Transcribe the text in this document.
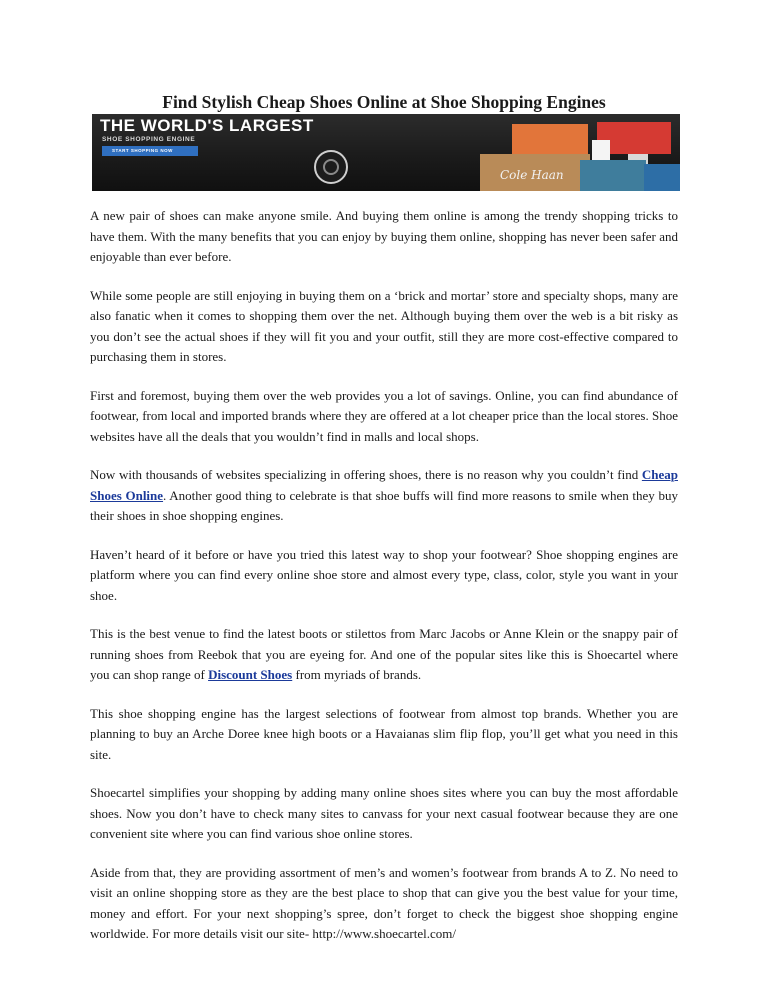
Find Stylish Cheap Shoes Online at Shoe Shopping Engines
THE WORLD'S LARGEST
SHOE SHOPPING ENGINE
START SHOPPING NOW
Cole Haan

A new pair of shoes can make anyone smile. And buying them online is among the trendy shopping tricks to have them. With the many benefits that you can enjoy by buying them online, shopping has never been safer and enjoyable than ever before.

While some people are still enjoying in buying them on a ‘brick and mortar’ store and specialty shops, many are also fanatic when it comes to shopping them over the net. Although buying them over the web is a bit risky as you don’t see the actual shoes if they will fit you and your outfit, still they are more cost-effective compared to purchasing them in stores.

First and foremost, buying them over the web provides you a lot of savings. Online, you can find abundance of footwear, from local and imported brands where they are offered at a lot cheaper price than the local stores. Shoe websites have all the deals that you wouldn’t find in malls and local shops.

Now with thousands of websites specializing in offering shoes, there is no reason why you couldn’t find Cheap Shoes Online. Another good thing to celebrate is that shoe buffs will find more reasons to smile when they buy their shoes in shoe shopping engines.

Haven’t heard of it before or have you tried this latest way to shop your footwear? Shoe shopping engines are platform where you can find every online shoe store and almost every type, class, color, style you want in your shoe.

This is the best venue to find the latest boots or stilettos from Marc Jacobs or Anne Klein or the snappy pair of running shoes from Reebok that you are eyeing for. And one of the popular sites like this is Shoecartel where you can shop range of Discount Shoes from myriads of brands.

This shoe shopping engine has the largest selections of footwear from almost top brands. Whether you are planning to buy an Arche Doree knee high boots or a Havaianas slim flip flop, you’ll get what you need in this site.

Shoecartel simplifies your shopping by adding many online shoes sites where you can buy the most affordable shoes. Now you don’t have to check many sites to canvass for your next casual footwear because they are one convenient site where you can find various shoe online stores.

Aside from that, they are providing assortment of men’s and women’s footwear from brands A to Z. No need to visit an online shopping store as they are the best place to shop that can give you the best value for your time, money and effort. For your next shopping’s spree, don’t forget to check the biggest shoe shopping engine worldwide. For more details visit our site- http://www.shoecartel.com/
